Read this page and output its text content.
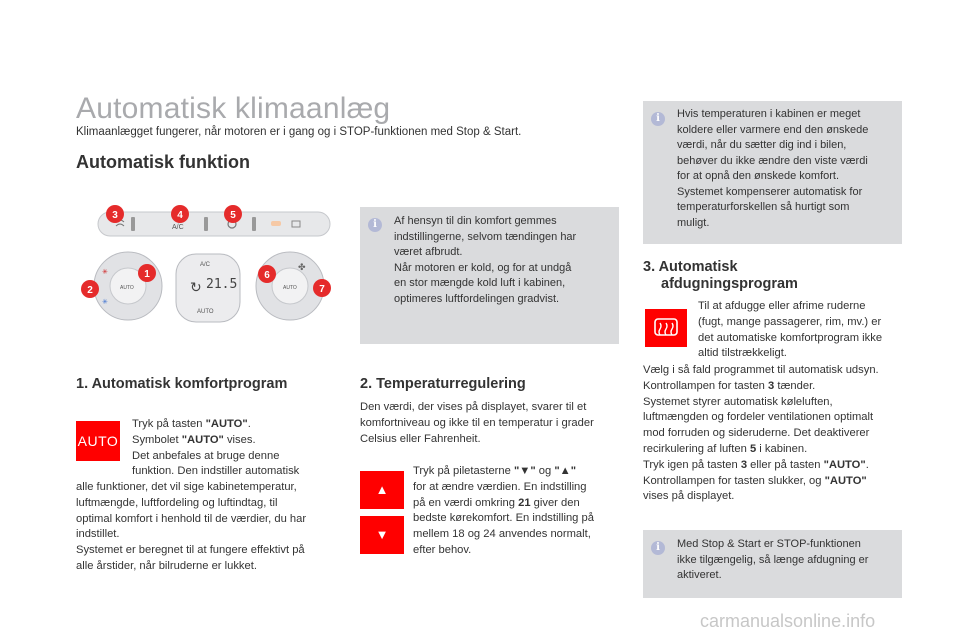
Automatisk klimaanlæg
Klimaanlægget fungerer, når motoren er i gang og i STOP-funktionen med Stop & Start.
Automatisk funktion
A/C
AUTO
✳
✳
A/C
21.5
↻
AUTO
AUTO
✤
3	4	5
1
2
6
7
i	Af hensyn til din komfort gemmes
indstillingerne, selvom tændingen har
været afbrudt.
Når motoren er kold, og for at undgå
en stor mængde kold luft i kabinen,
optimeres luftfordelingen gradvist.
i	Hvis temperaturen i kabinen er meget
koldere eller varmere end den ønskede
værdi, når du sætter dig ind i bilen,
behøver du ikke ændre den viste værdi
for at opnå den ønskede komfort.
Systemet kompenserer automatisk for
temperaturforskellen så hurtigt som
muligt.
1. Automatisk komfortprogram
AUTO
Tryk på tasten "AUTO".
Symbolet "AUTO" vises.
Det anbefales at bruge denne
funktion. Den indstiller automatisk
alle funktioner, det vil sige kabinetemperatur,
luftmængde, luftfordeling og luftindtag, til
optimal komfort i henhold til de værdier, du har
indstillet.
Systemet er beregnet til at fungere effektivt på
alle årstider, når bilruderne er lukket.
2. Temperaturregulering
Den værdi, der vises på displayet, svarer til et
komfortniveau og ikke til en temperatur i grader
Celsius eller Fahrenheit.
▲
▼
Tryk på piletasterne "▼" og "▲"
for at ændre værdien. En indstilling
på en værdi omkring 21 giver den
bedste kørekomfort. En indstilling på
mellem 18 og 24 anvendes normalt,
efter behov.
3. Automatisk
afdugningsprogram
Til at afdugge eller afrime ruderne
(fugt, mange passagerer, rim, mv.) er
det automatiske komfortprogram ikke
altid tilstrækkeligt.
Vælg i så fald programmet til automatisk udsyn.
Kontrollampen for tasten 3 tænder.
Systemet styrer automatisk køleluften,
luftmængden og fordeler ventilationen optimalt
mod forruden og sideruderne. Det deaktiverer
recirkulering af luften 5 i kabinen.
Tryk igen på tasten 3 eller på tasten "AUTO".
Kontrollampen for tasten slukker, og "AUTO"
vises på displayet.
i	Med Stop & Start er STOP-funktionen
ikke tilgængelig, så længe afdugning er
aktiveret.
carmanualsonline.info
